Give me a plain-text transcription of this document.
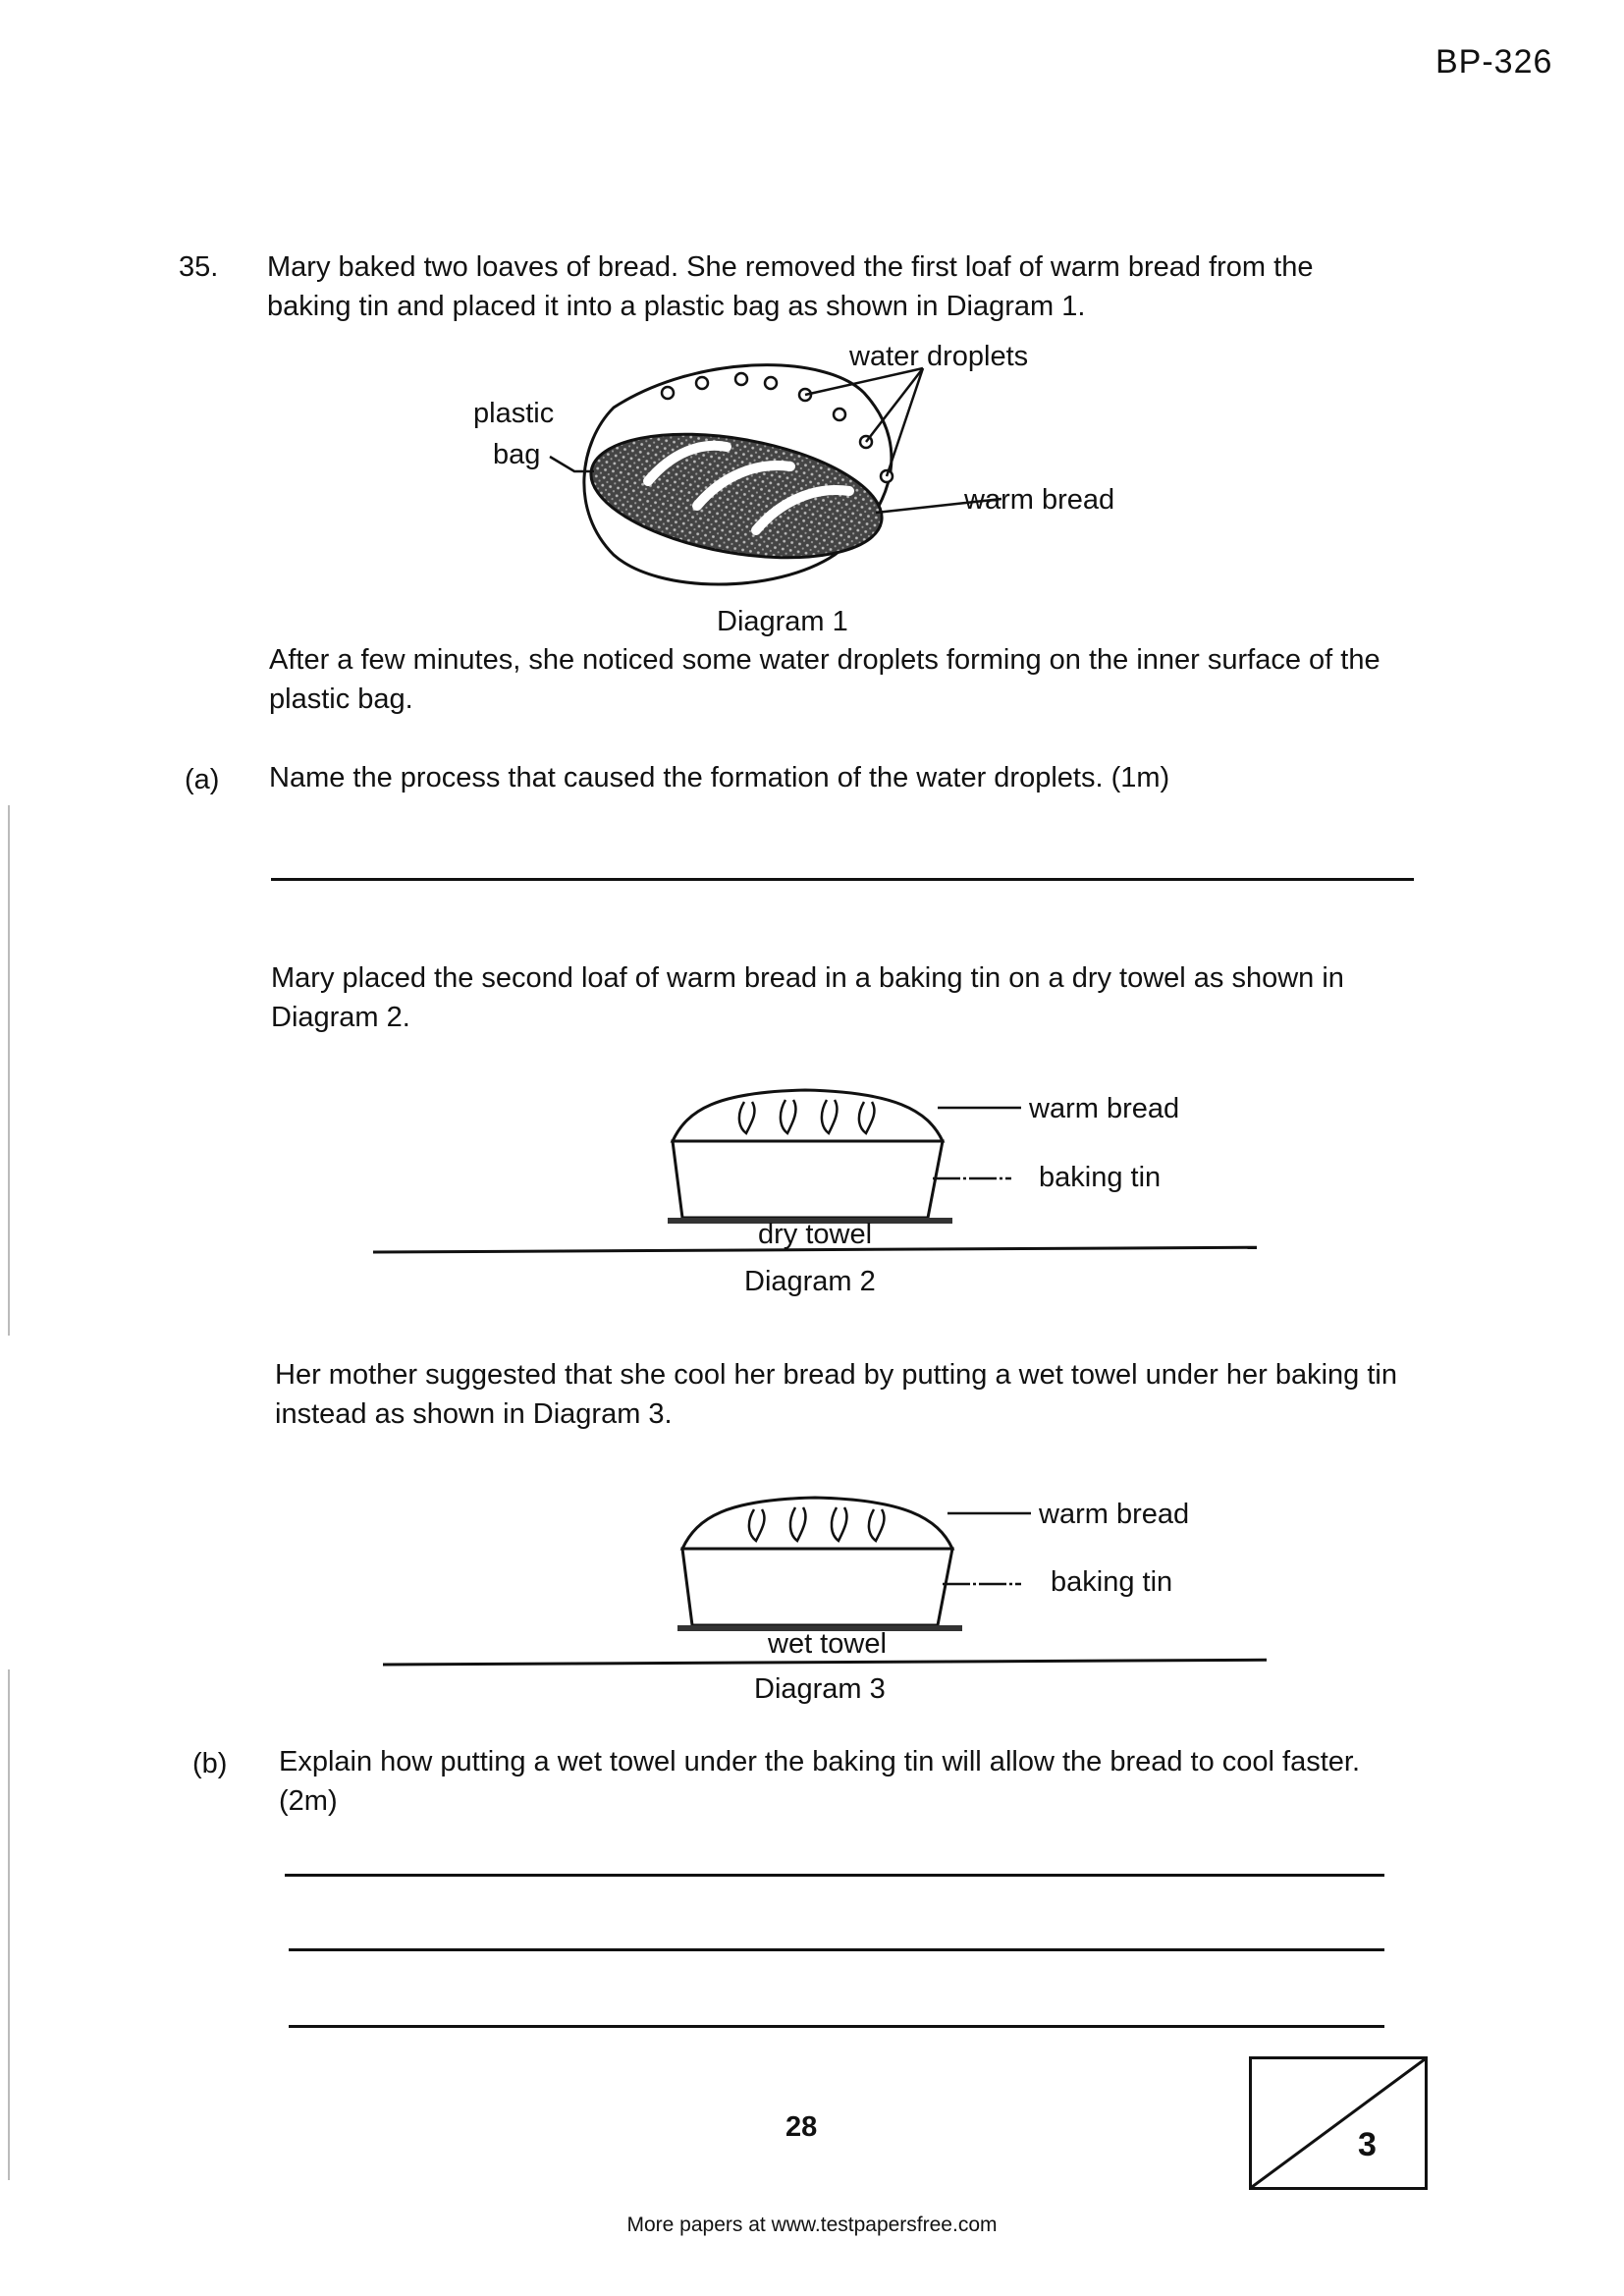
BP-326
35. Mary baked two loaves of bread. She removed the first loaf of warm bread from the baking tin and placed it into a plastic bag as shown in Diagram 1.
water droplets
plastic
bag
warm bread
Diagram 1
After a few minutes, she noticed some water droplets forming on the inner surface of the plastic bag.
(a) Name the process that caused the formation of the water droplets. (1m)
Mary placed the second loaf of warm bread in a baking tin on a dry towel as shown in Diagram 2.
warm bread
baking tin
dry towel
Diagram 2
Her mother suggested that she cool her bread by putting a wet towel under her baking tin instead as shown in Diagram 3.
warm bread
baking tin
wet towel
Diagram 3
(b) Explain how putting a wet towel under the baking tin will allow the bread to cool faster. (2m)
28	3
More papers at www.testpapersfree.com
